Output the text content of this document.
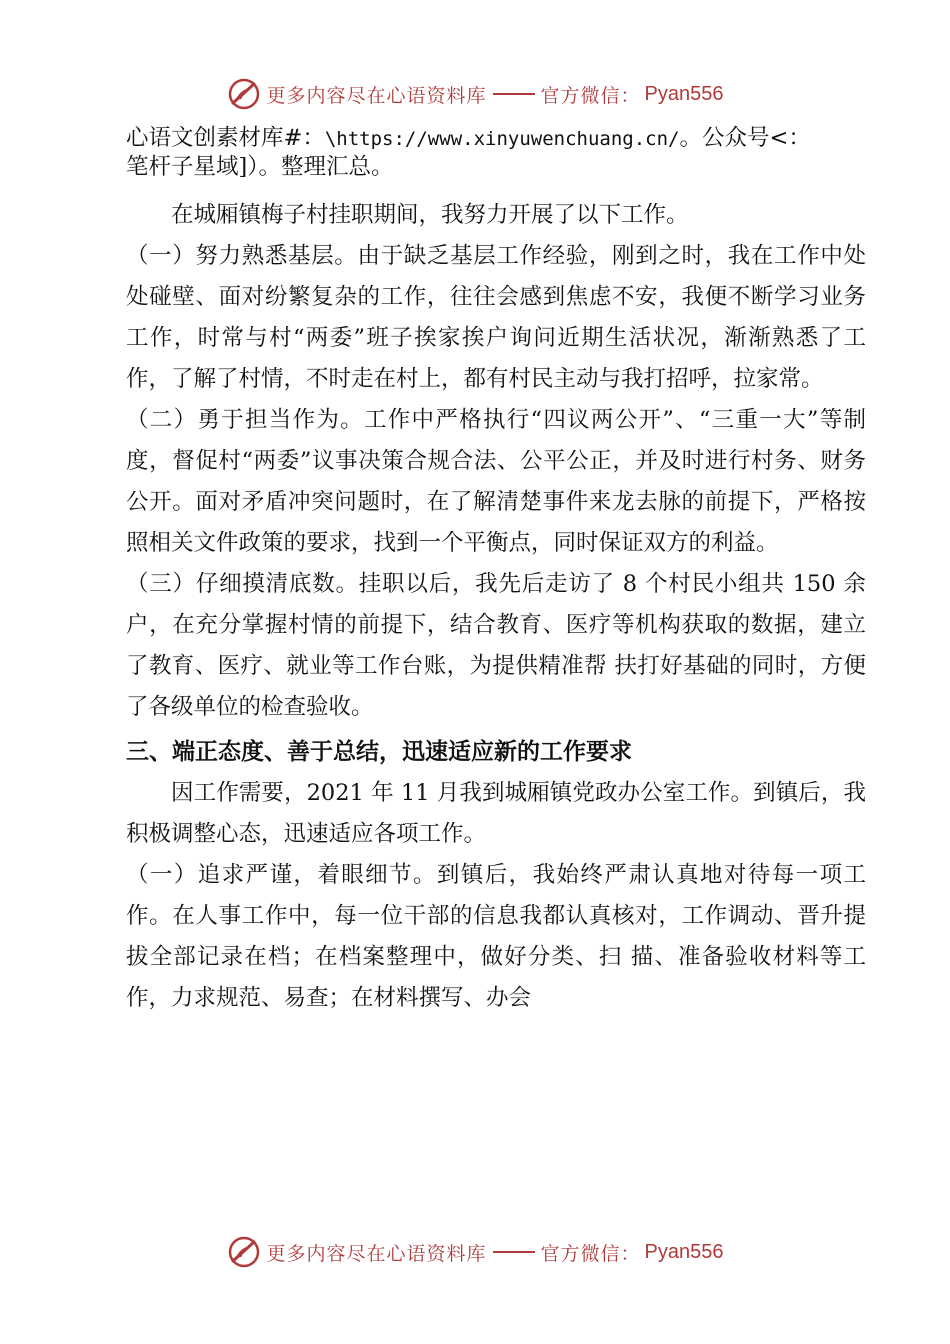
更多内容尽在心语资料库	官方微信： Pyan556

心语文创素材库#：\https://www.xinyuwenchuang.cn/。公众号<：

笔杆子星域]）。整理汇总。

在城厢镇梅子村挂职期间，我努力开展了以下工作。

（一）努力熟悉基层。由于缺乏基层工作经验，刚到之时，我在工作中处处碰壁、面对纷繁复杂的工作，往往会感到焦虑不安，我便不断学习业务工作，时常与村“两委”班子挨家挨户询问近期生活状况，渐渐熟悉了工作，了解了村情，不时走在村上，都有村民主动与我打招呼，拉家常。

（二）勇于担当作为。工作中严格执行“四议两公开”、“三重一大”等制度，督促村“两委”议事决策合规合法、公平公正，并及时进行村务、财务公开。面对矛盾冲突问题时，在了解清楚事件来龙去脉的前提下，严格按照相关文件政策的要求，找到一个平衡点，同时保证双方的利益。

（三）仔细摸清底数。挂职以后，我先后走访了 8 个村民小组共 150 余户，在充分掌握村情的前提下，结合教育、医疗等机构获取的数据，建立了教育、医疗、就业等工作台账，为提供精准帮 扶打好基础的同时，方便了各级单位的检查验收。

三、端正态度、善于总结，迅速适应新的工作要求

因工作需要，2021 年 11 月我到城厢镇党政办公室工作。到镇后，我积极调整心态，迅速适应各项工作。

（一）追求严谨，着眼细节。到镇后，我始终严肃认真地对待每一项工作。在人事工作中，每一位干部的信息我都认真核对，工作调动、晋升提拔全部记录在档；在档案整理中，做好分类、扫 描、准备验收材料等工作，力求规范、易查；在材料撰写、办会

更多内容尽在心语资料库	官方微信： Pyan556
